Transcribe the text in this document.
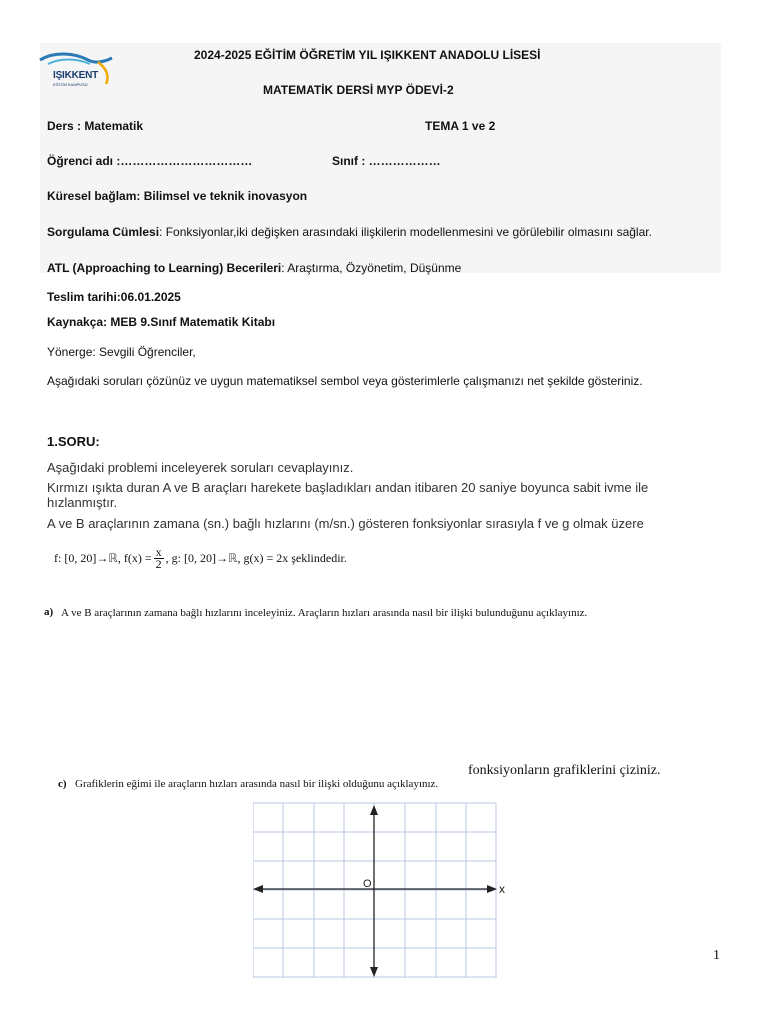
IŞIKKENT
EĞİTİM KAMPÜSÜ
2024-2025 EĞİTİM ÖĞRETİM YIL IŞIKKENT ANADOLU LİSESİ
MATEMATİK DERSİ MYP ÖDEVİ-2
Ders : Matematik	TEMA 1 ve 2
Öğrenci adı :……………………………	Sınıf : ………………
Küresel bağlam: Bilimsel ve teknik inovasyon
Sorgulama Cümlesi: Fonksiyonlar,iki değişken arasındaki ilişkilerin modellenmesini ve görülebilir olmasını sağlar.
ATL (Approaching to Learning) Becerileri: Araştırma, Özyönetim, Düşünme
Teslim tarihi:06.01.2025
Kaynakça: MEB 9.Sınıf Matematik Kitabı
Yönerge: Sevgili Öğrenciler,
Aşağıdaki soruları çözünüz ve uygun matematiksel sembol veya gösterimlerle çalışmanızı net şekilde gösteriniz.
1.SORU:
Aşağıdaki problemi inceleyerek soruları cevaplayınız.
Kırmızı ışıkta duran A ve B araçları harekete başladıkları andan itibaren 20 saniye boyunca sabit ivme ile hızlanmıştır.
A ve B araçlarının zamana (sn.) bağlı hızlarını (m/sn.) gösteren fonksiyonlar sırasıyla f ve g olmak üzere
f: [0, 20] → ℝ , $f(x) = \frac{x}{2}$ , g: [0, 20] → ℝ , g(x) = 2x şeklindedir.
a) A ve B araçlarının zamana bağlı hızlarını inceleyiniz. Araçların hızları arasında nasıl bir ilişki bulunduğunu açıklayınız.
fonksiyonların grafiklerini çiziniz.
c) Grafiklerin eğimi ile araçların hızları arasında nasıl bir ilişki olduğunu açıklayınız.
O	x
1
